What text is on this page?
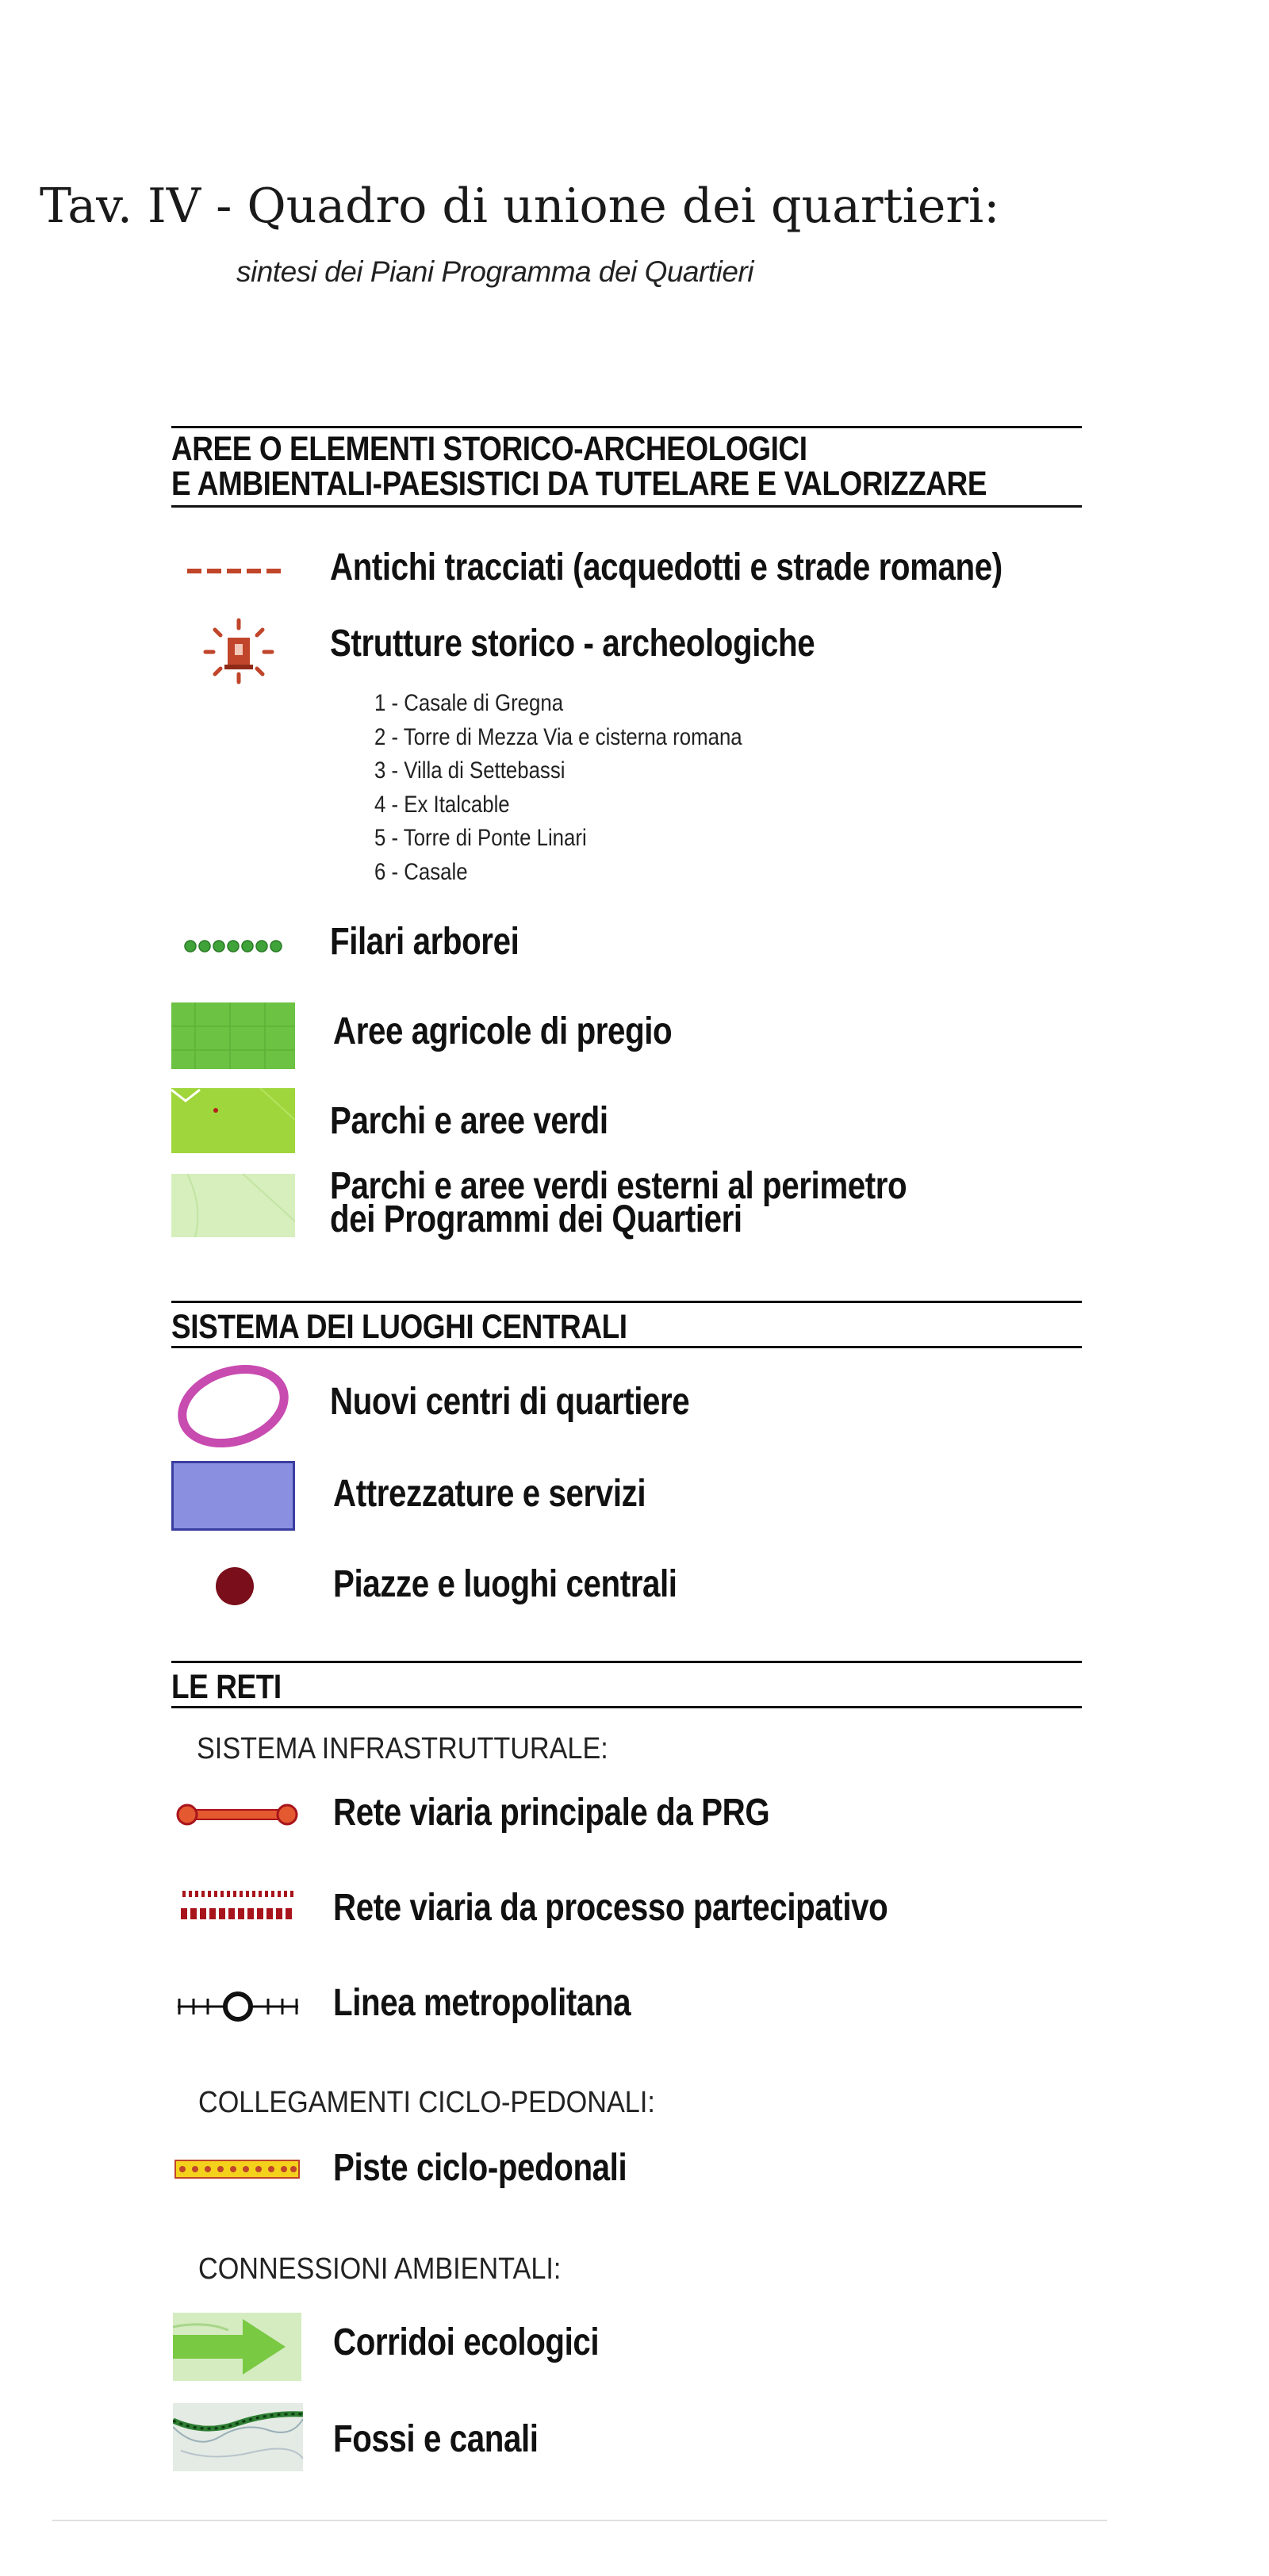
Tav. IV - Quadro di unione dei quartieri:
sintesi dei Piani Programma dei Quartieri
AREE O ELEMENTI STORICO-ARCHEOLOGICI
E AMBIENTALI-PAESISTICI DA TUTELARE E VALORIZZARE
Antichi tracciati (acquedotti e strade romane)
Strutture storico - archeologiche
1 - Casale di Gregna
2 - Torre di Mezza Via e cisterna romana
3 - Villa di Settebassi
4 - Ex Italcable
5 - Torre di Ponte Linari
6 - Casale
Filari arborei
Aree agricole di pregio
Parchi e aree verdi
Parchi e aree verdi esterni al perimetro
dei Programmi dei Quartieri
SISTEMA DEI LUOGHI CENTRALI
Nuovi centri di quartiere
Attrezzature e servizi
Piazze e luoghi centrali
LE RETI
SISTEMA INFRASTRUTTURALE:
Rete viaria principale da PRG
Rete viaria da processo partecipativo
Linea metropolitana
COLLEGAMENTI CICLO-PEDONALI:
Piste ciclo-pedonali
CONNESSIONI AMBIENTALI:
Corridoi ecologici
Fossi e canali
